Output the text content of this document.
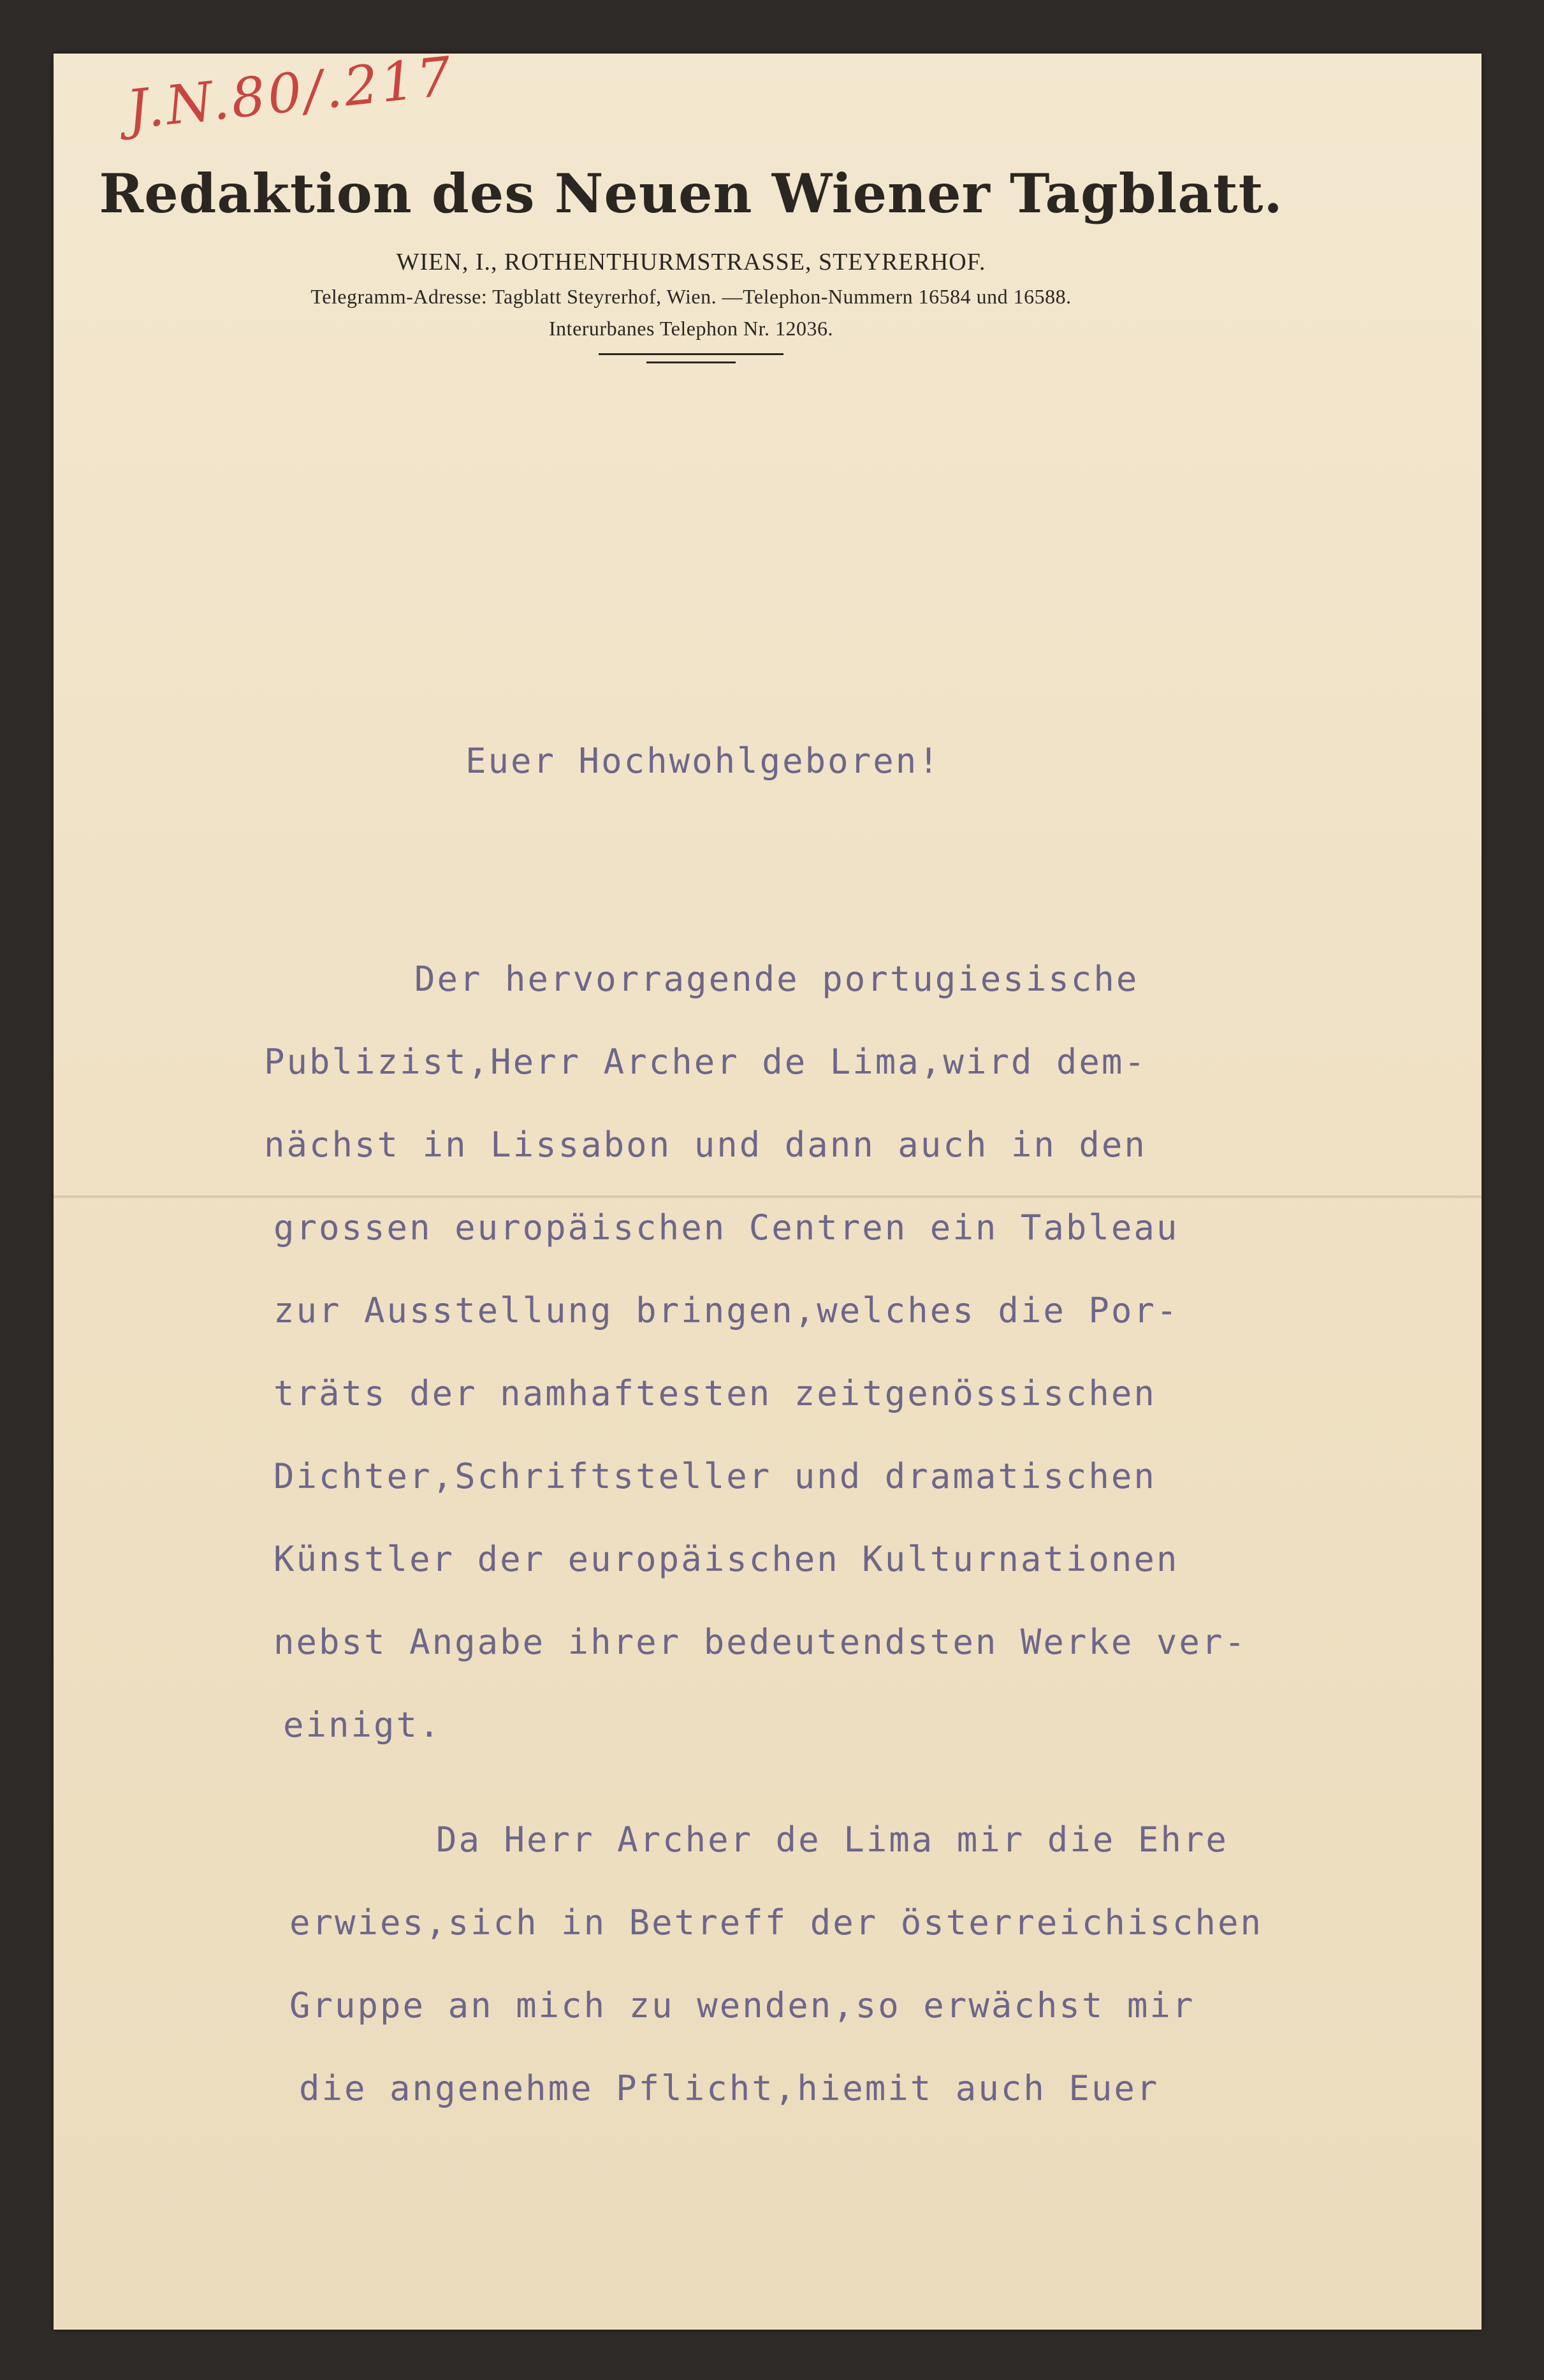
J.N.80/.217
Redaktion des Neuen Wiener Tagblatt.
WIEN, I., ROTHENTHURMSTRASSE, STEYRERHOF.
Telegramm-Adresse: Tagblatt Steyrerhof, Wien. —Telephon-Nummern 16584 und 16588.
Interurbanes Telephon Nr. 12036.
Euer Hochwohlgeboren!
Der hervorragende portugiesische
Publizist,Herr Archer de Lima,wird dem-
nächst in Lissabon und dann auch in den
grossen europäischen Centren ein Tableau
zur Ausstellung bringen,welches die Por-
träts der namhaftesten zeitgenössischen
Dichter,Schriftsteller und dramatischen
Künstler der europäischen Kulturnationen
nebst Angabe ihrer bedeutendsten Werke ver-
einigt.
Da Herr Archer de Lima mir die Ehre
erwies,sich in Betreff der österreichischen
Gruppe an mich zu wenden,so erwächst mir
die angenehme Pflicht,hiemit auch Euer
